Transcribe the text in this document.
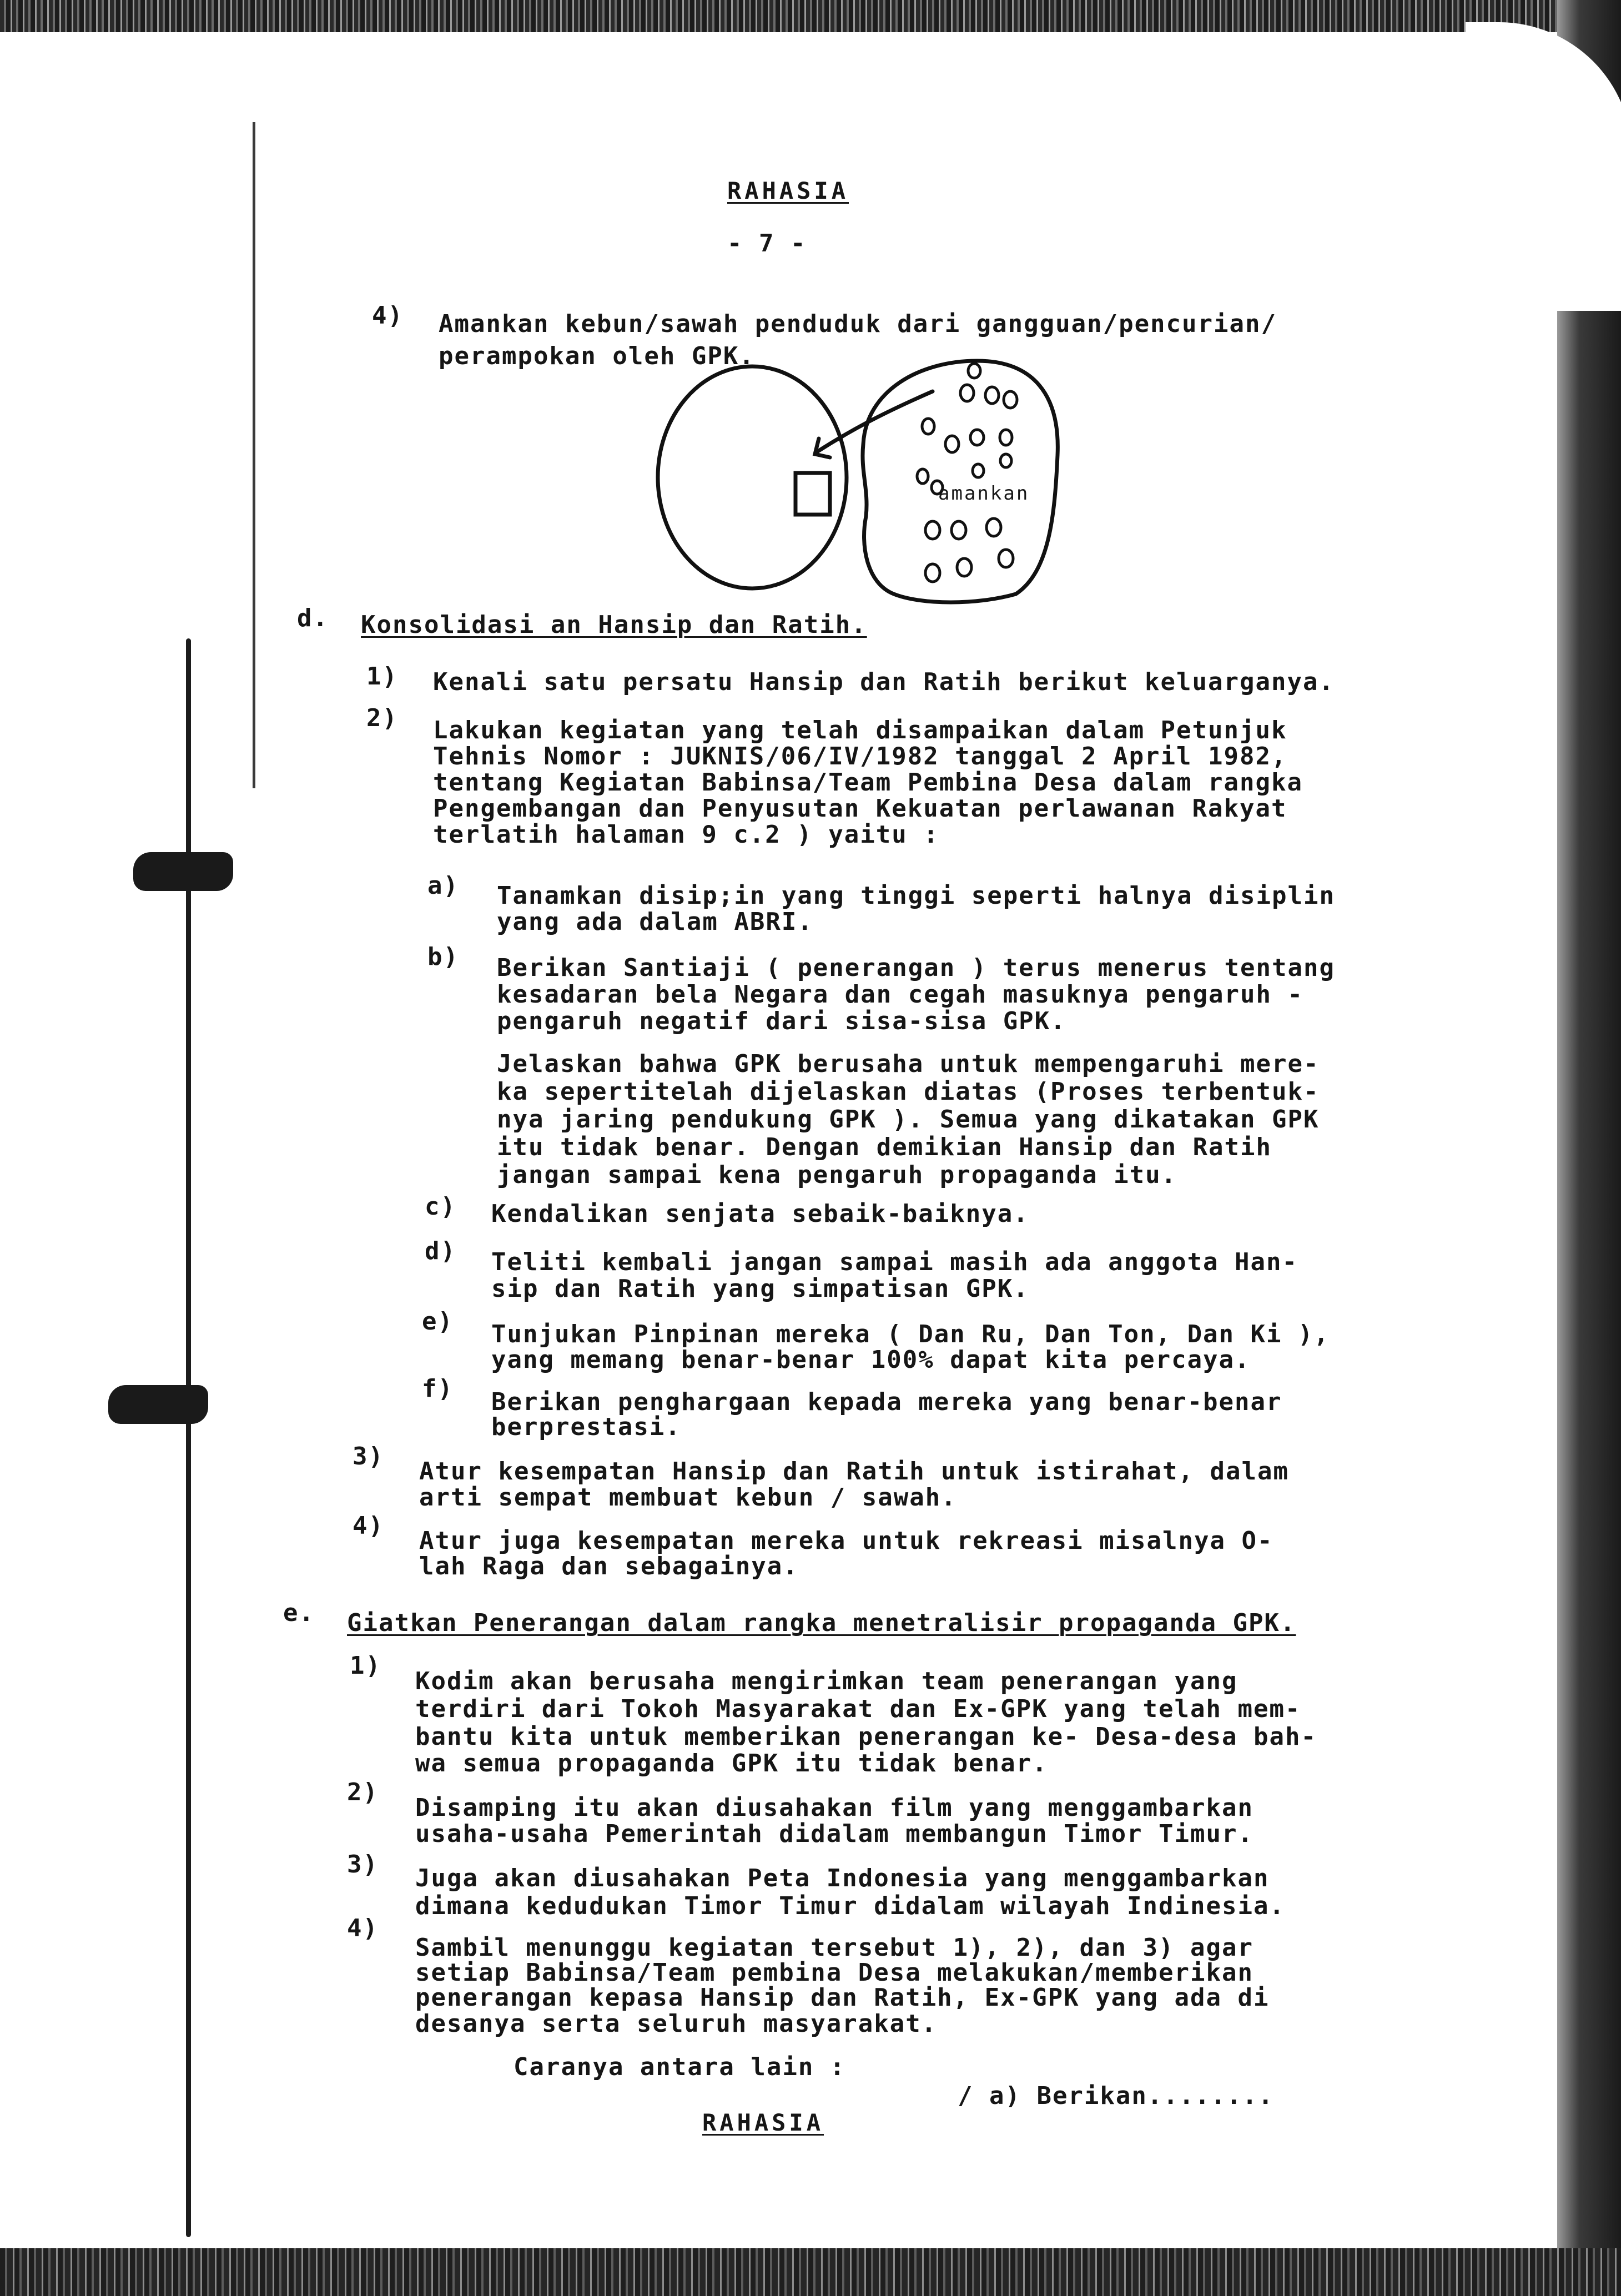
RAHASIA
- 7 -
4) Amankan kebun/sawah penduduk dari gangguan/pencurian/
perampokan oleh GPK.
amankan
d. Konsolidasi an Hansip dan Ratih.
1) Kenali satu persatu Hansip dan Ratih berikut keluarganya.
2) Lakukan kegiatan yang telah disampaikan dalam Petunjuk
Tehnis Nomor : JUKNIS/06/IV/1982 tanggal 2 April 1982,
tentang Kegiatan Babinsa/Team Pembina Desa dalam rangka
Pengembangan dan Penyusutan Kekuatan perlawanan Rakyat
terlatih halaman 9 c.2 ) yaitu :
a) Tanamkan disip;in yang tinggi seperti halnya disiplin
yang ada dalam ABRI.
b) Berikan Santiaji ( penerangan ) terus menerus tentang
kesadaran bela Negara dan cegah masuknya pengaruh -
pengaruh negatif dari sisa-sisa GPK.
Jelaskan bahwa GPK berusaha untuk mempengaruhi mere-
ka sepertitelah dijelaskan diatas (Proses terbentuk-
nya jaring pendukung GPK ). Semua yang dikatakan GPK
itu tidak benar. Dengan demikian Hansip dan Ratih
jangan sampai kena pengaruh propaganda itu.
c) Kendalikan senjata sebaik-baiknya.
d) Teliti kembali jangan sampai masih ada anggota Han-
sip dan Ratih yang simpatisan GPK.
e) Tunjukan Pinpinan mereka ( Dan Ru, Dan Ton, Dan Ki ),
yang memang benar-benar 100% dapat kita percaya.
f) Berikan penghargaan kepada mereka yang benar-benar
berprestasi.
3)
Atur kesempatan Hansip dan Ratih untuk istirahat, dalam
arti sempat membuat kebun / sawah.
4)
Atur juga kesempatan mereka untuk rekreasi misalnya O-
lah Raga dan sebagainya.
e. Giatkan Penerangan dalam rangka menetralisir propaganda GPK.
1)
Kodim akan berusaha mengirimkan team penerangan yang
terdiri dari Tokoh Masyarakat dan Ex-GPK yang telah mem-
bantu kita untuk memberikan penerangan ke- Desa-desa bah-
wa semua propaganda GPK itu tidak benar.
2)
Disamping itu akan diusahakan film yang menggambarkan
usaha-usaha Pemerintah didalam membangun Timor Timur.
3) Juga akan diusahakan Peta Indonesia yang menggambarkan
dimana kedudukan Timor Timur didalam wilayah Indinesia.
4)
Sambil menunggu kegiatan tersebut 1), 2), dan 3) agar
setiap Babinsa/Team pembina Desa melakukan/memberikan
penerangan kepasa Hansip dan Ratih, Ex-GPK yang ada di
desanya serta seluruh masyarakat.
Caranya antara lain :
/ a) Berikan........
RAHASIA
